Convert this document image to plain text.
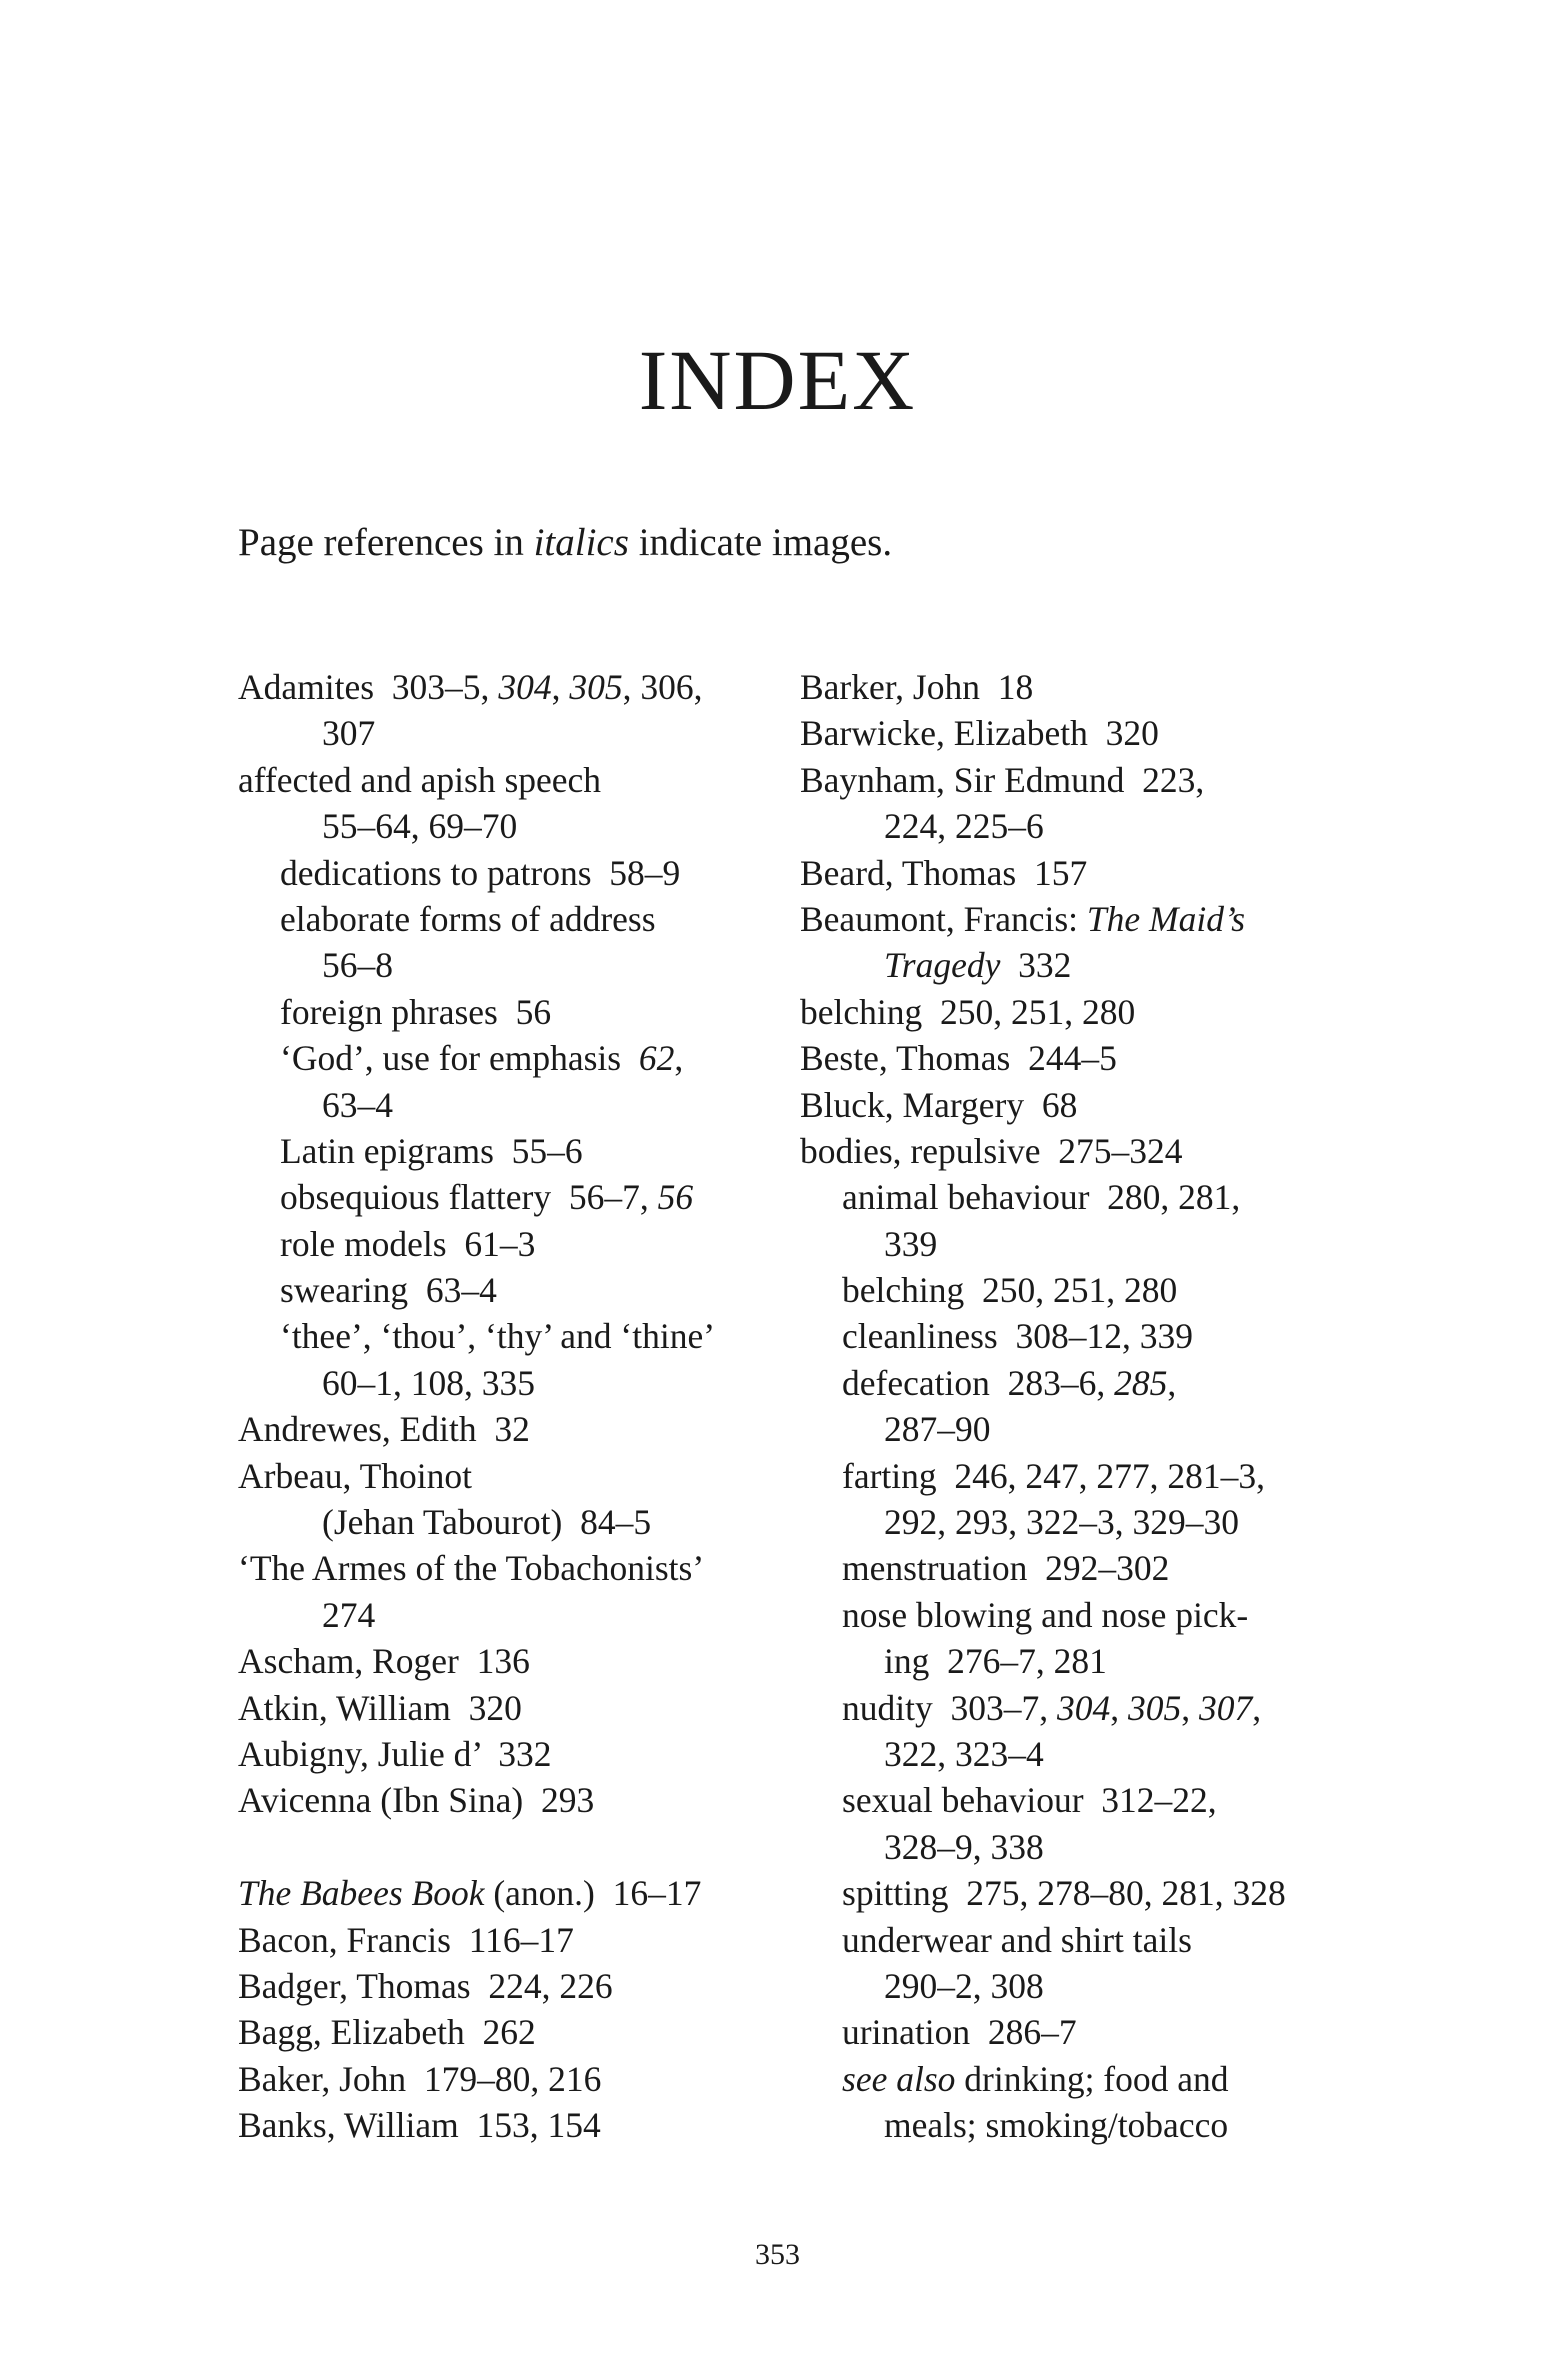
INDEX
Page references in italics indicate images.
Adamites  303–5, 304, 305, 306,
307
affected and apish speech
55–64, 69–70
dedications to patrons  58–9
elaborate forms of address
56–8
foreign phrases  56
‘God’, use for emphasis  62,
63–4
Latin epigrams  55–6
obsequious flattery  56–7, 56
role models  61–3
swearing  63–4
‘thee’, ‘thou’, ‘thy’ and ‘thine’
60–1, 108, 335
Andrewes, Edith  32
Arbeau, Thoinot
(Jehan Tabourot)  84–5
‘The Armes of the Tobachonists’
274
Ascham, Roger  136
Atkin, William  320
Aubigny, Julie d’  332
Avicenna (Ibn Sina)  293
The Babees Book (anon.)  16–17
Bacon, Francis  116–17
Badger, Thomas  224, 226
Bagg, Elizabeth  262
Baker, John  179–80, 216
Banks, William  153, 154
Barker, John  18
Barwicke, Elizabeth  320
Baynham, Sir Edmund  223,
224, 225–6
Beard, Thomas  157
Beaumont, Francis: The Maid’s
Tragedy  332
belching  250, 251, 280
Beste, Thomas  244–5
Bluck, Margery  68
bodies, repulsive  275–324
animal behaviour  280, 281,
339
belching  250, 251, 280
cleanliness  308–12, 339
defecation  283–6, 285,
287–90
farting  246, 247, 277, 281–3,
292, 293, 322–3, 329–30
menstruation  292–302
nose blowing and nose pick-
ing  276–7, 281
nudity  303–7, 304, 305, 307,
322, 323–4
sexual behaviour  312–22,
328–9, 338
spitting  275, 278–80, 281, 328
underwear and shirt tails
290–2, 308
urination  286–7
see also drinking; food and
meals; smoking/tobacco
353
